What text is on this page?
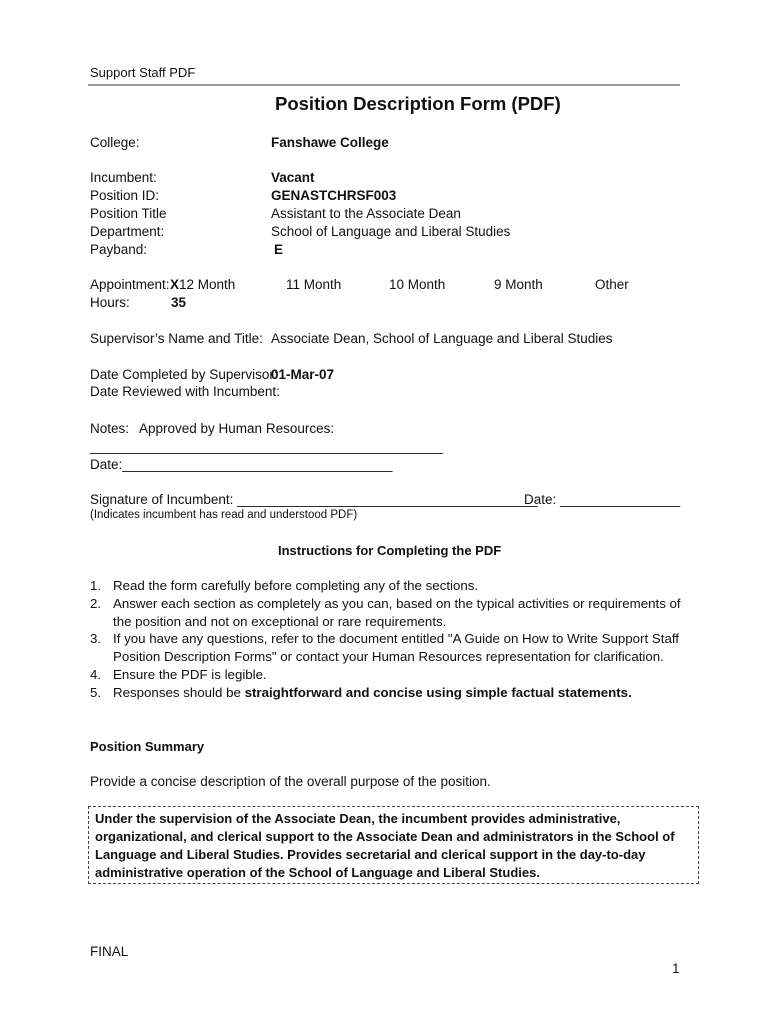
Support Staff PDF
Position Description Form (PDF)
College:	Fanshawe College
Incumbent:	Vacant
Position ID:	GENASTCHRSF003
Position Title	Assistant to the Associate Dean
Department:	School of Language and Liberal Studies
Payband:	E
Appointment: X12 Month	11 Month	10 Month	9 Month	Other
Hours:	35
Supervisor’s Name and Title: Associate Dean, School of Language and Liberal Studies
Date Completed by Supervisor:
01-Mar-07
Date Reviewed with Incumbent:
Notes: Approved by Human Resources:
_______________________________________________
Date:____________________________________
Signature of Incumbent: ________________________________________
Date: ________________
(Indicates incumbent has read and understood PDF)
Instructions for Completing the PDF
1. Read the form carefully before completing any of the sections.
2. Answer each section as completely as you can, based on the typical activities or requirements of the position and not on exceptional or rare requirements.
3. If you have any questions, refer to the document entitled "A Guide on How to Write Support Staff Position Description Forms" or contact your Human Resources representation for clarification.
4. Ensure the PDF is legible.
5. Responses should be straightforward and concise using simple factual statements.
Position Summary
Provide a concise description of the overall purpose of the position.
Under the supervision of the Associate Dean, the incumbent provides administrative, organizational, and clerical support to the Associate Dean and administrators in the School of Language and Liberal Studies. Provides secretarial and clerical support in the day-to-day administrative operation of the School of Language and Liberal Studies.
FINAL
1
